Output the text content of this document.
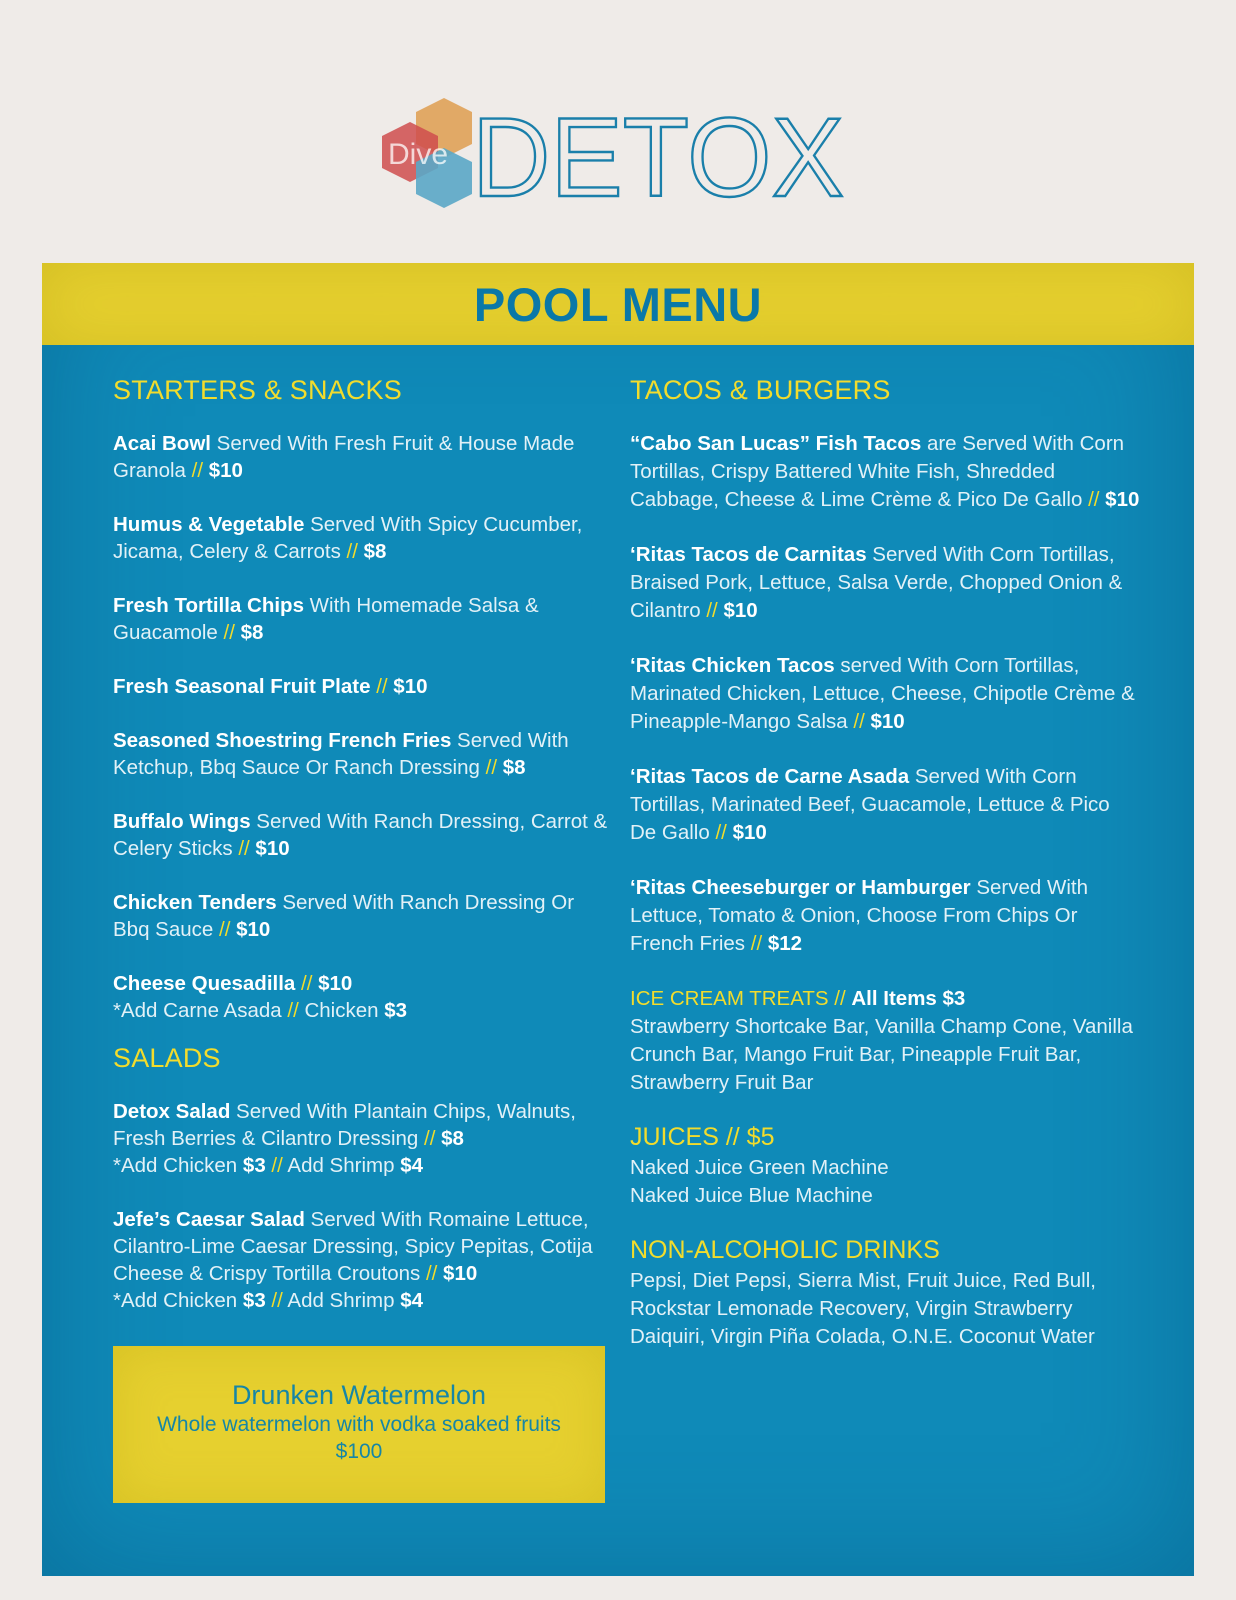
Dive DETOX
POOL MENU
STARTERS & SNACKS
Acai Bowl Served With Fresh Fruit & House Made Granola // $10
Humus & Vegetable Served With Spicy Cucumber, Jicama, Celery & Carrots // $8
Fresh Tortilla Chips With Homemade Salsa & Guacamole // $8
Fresh Seasonal Fruit Plate // $10
Seasoned Shoestring French Fries Served With Ketchup, Bbq Sauce Or Ranch Dressing // $8
Buffalo Wings Served With Ranch Dressing, Carrot & Celery Sticks // $10
Chicken Tenders Served With Ranch Dressing Or Bbq Sauce // $10
Cheese Quesadilla // $10
*Add Carne Asada // Chicken $3
SALADS
Detox Salad Served With Plantain Chips, Walnuts, Fresh Berries & Cilantro Dressing // $8
*Add Chicken $3 // Add Shrimp $4
Jefe’s Caesar Salad Served With Romaine Lettuce, Cilantro-Lime Caesar Dressing, Spicy Pepitas, Cotija Cheese & Crispy Tortilla Croutons // $10
*Add Chicken $3 // Add Shrimp $4
Drunken Watermelon
Whole watermelon with vodka soaked fruits
$100
TACOS & BURGERS
“Cabo San Lucas” Fish Tacos are Served With Corn Tortillas, Crispy Battered White Fish, Shredded Cabbage, Cheese & Lime Crème & Pico De Gallo // $10
‘Ritas Tacos de Carnitas Served With Corn Tortillas, Braised Pork, Lettuce, Salsa Verde, Chopped Onion & Cilantro // $10
‘Ritas Chicken Tacos served With Corn Tortillas, Marinated Chicken, Lettuce, Cheese, Chipotle Crème & Pineapple-Mango Salsa // $10
‘Ritas Tacos de Carne Asada Served With Corn Tortillas, Marinated Beef, Guacamole, Lettuce & Pico De Gallo // $10
‘Ritas Cheeseburger or Hamburger Served With Lettuce, Tomato & Onion, Choose From Chips Or French Fries // $12
ICE CREAM TREATS // All Items $3
Strawberry Shortcake Bar, Vanilla Champ Cone, Vanilla Crunch Bar, Mango Fruit Bar, Pineapple Fruit Bar, Strawberry Fruit Bar
JUICES // $5
Naked Juice Green Machine
Naked Juice Blue Machine
NON-ALCOHOLIC DRINKS
Pepsi, Diet Pepsi, Sierra Mist, Fruit Juice, Red Bull, Rockstar Lemonade Recovery, Virgin Strawberry Daiquiri, Virgin Piña Colada, O.N.E. Coconut Water
